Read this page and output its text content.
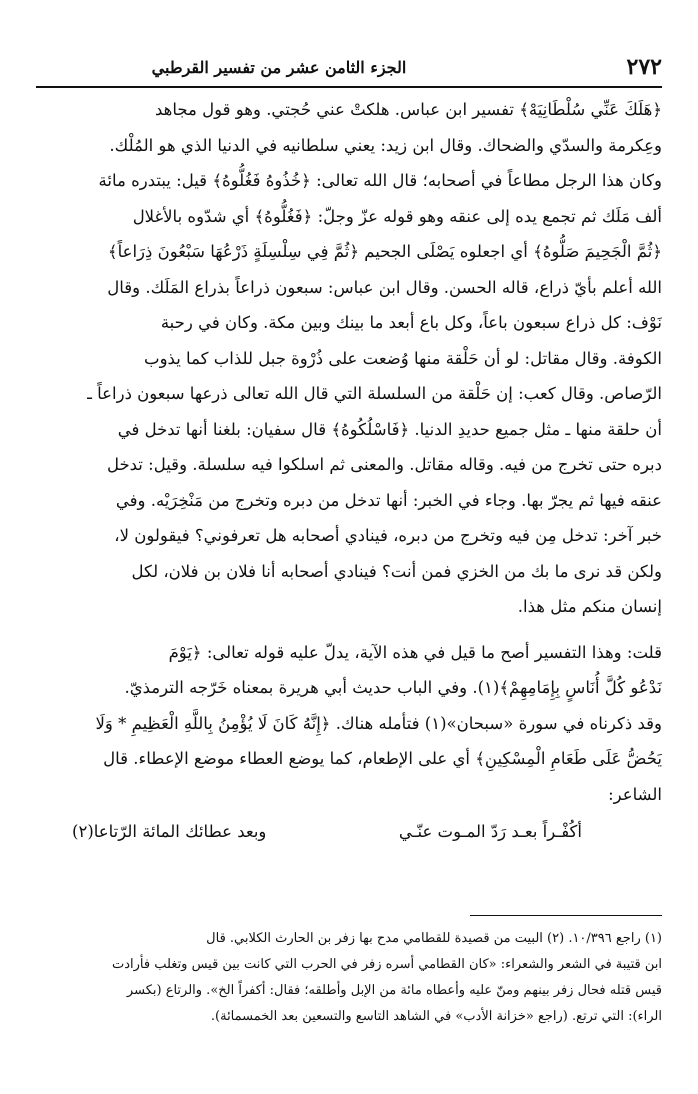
٢٧٢
الجزء الثامن عشر من تفسير القرطبي
﴿هَلَكَ عَنِّي سُلْطَانِيَهْ﴾ تفسير ابن عباس. هلكتْ عني حُجتي. وهو قول مجاهد
وعِكرمة والسدّي والضحاك. وقال ابن زيد: يعني سلطانيه في الدنيا الذي هو المُلْك.
وكان هذا الرجل مطاعاً في أصحابه؛ قال الله تعالى: ﴿خُذُوهُ فَغُلُّوهُ﴾ قيل: يبتدره مائة
ألف مَلَك ثم تجمع يده إلى عنقه وهو قوله عزّ وجلّ: ﴿فَغُلُّوهُ﴾ أي شدّوه بالأغلال
﴿ثُمَّ الْجَحِيمَ صَلُّوهُ﴾ أي اجعلوه يَصْلَى الجحيم ﴿ثُمَّ فِي سِلْسِلَةٍ ذَرْعُهَا سَبْعُونَ ذِرَاعاً﴾
الله أعلم بأيّ ذراع، قاله الحسن. وقال ابن عباس: سبعون ذراعاً بذراع المَلَك. وقال
نَوْف: كل ذراع سبعون باعاً، وكل باع أبعد ما بينك وبين مكة. وكان في رحبة
الكوفة. وقال مقاتل: لو أن حَلْقة منها وُضعت على ذُرْوة جبل للذاب كما يذوب
الرّصاص. وقال كعب: إن حَلْقة من السلسلة التي قال الله تعالى ذرعها سبعون ذراعاً ـ
أن حلقة منها ـ مثل جميع حديدِ الدنيا. ﴿فَاسْلُكُوهُ﴾ قال سفيان: بلغنا أنها تدخل في
دبره حتى تخرج من فيه. وقاله مقاتل. والمعنى ثم اسلكوا فيه سلسلة. وقيل: تدخل
عنقه فيها ثم يجرّ بها. وجاء في الخبر: أنها تدخل من دبره وتخرج من مَنْخِرَيْه. وفي
خبر آخر: تدخل مِن فيه وتخرج من دبره، فينادي أصحابه هل تعرفوني؟ فيقولون لا،
ولكن قد نرى ما بك من الخزي فمن أنت؟ فينادي أصحابه أنا فلان بن فلان، لكل
إنسان منكم مثل هذا.
قلت: وهذا التفسير أصح ما قيل في هذه الآية، يدلّ عليه قوله تعالى: ﴿يَوْمَ
نَدْعُو كُلَّ أُنَاسٍ بِإِمَامِهِمْ﴾(١). وفي الباب حديث أبي هريرة بمعناه خَرّجه الترمذيّ.
وقد ذكرناه في سورة «سبحان»(١) فتأمله هناك. ﴿إِنَّهُ كَانَ لَا يُؤْمِنُ بِاللَّهِ الْعَظِيمِ * وَلَا
يَحُضُّ عَلَى طَعَامِ الْمِسْكِينِ﴾ أي على الإطعام، كما يوضع العطاء موضع الإعطاء. قال
الشاعر:
أكُفْـراً بعـد رَدّ المـوت عنّـي
وبعد عطائك المائة الرّتاعا(٢)
(١) راجع ١٠/٣٩٦. (٢) البيت من قصيدة للقطامي مدح بها زفر بن الحارث الكلابي. قال
ابن قتيبة في الشعر والشعراء: «كان القطامي أسره زفر في الحرب التي كانت بين قيس وتغلب فأرادت
قيس قتله فحال زفر بينهم ومنّ عليه وأعطاه مائة من الإبل وأطلقه؛ فقال: أكفراً الخ». والرتاع (بكسر
الراء): التي ترتع. (راجع «خزانة الأدب» في الشاهد التاسع والتسعين بعد الخمسمائة).
